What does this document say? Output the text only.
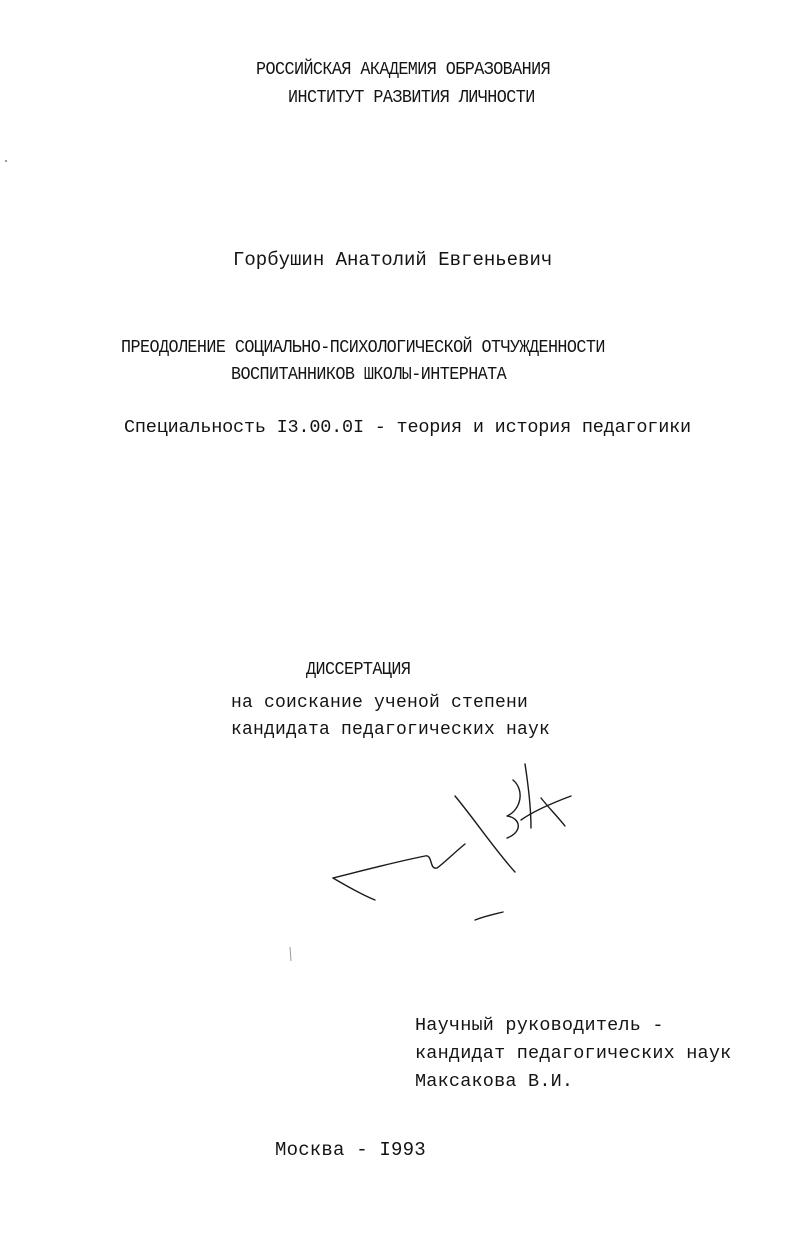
РОССИЙСКАЯ АКАДЕМИЯ ОБРАЗОВАНИЯ
ИНСТИТУТ РАЗВИТИЯ ЛИЧНОСТИ
Горбушин Анатолий Евгеньевич
ПРЕОДОЛЕНИЕ СОЦИАЛЬНО-ПСИХОЛОГИЧЕСКОЙ ОТЧУЖДЕННОСТИ
ВОСПИТАННИКОВ ШКОЛЫ-ИНТЕРНАТА
Специальность I3.00.0I - теория и история педагогики
ДИССЕРТАЦИЯ
на соискание ученой степени
кандидата педагогических наук
Научный руководитель -
кандидат педагогических наук
Максакова В.И.
Москва - I993
